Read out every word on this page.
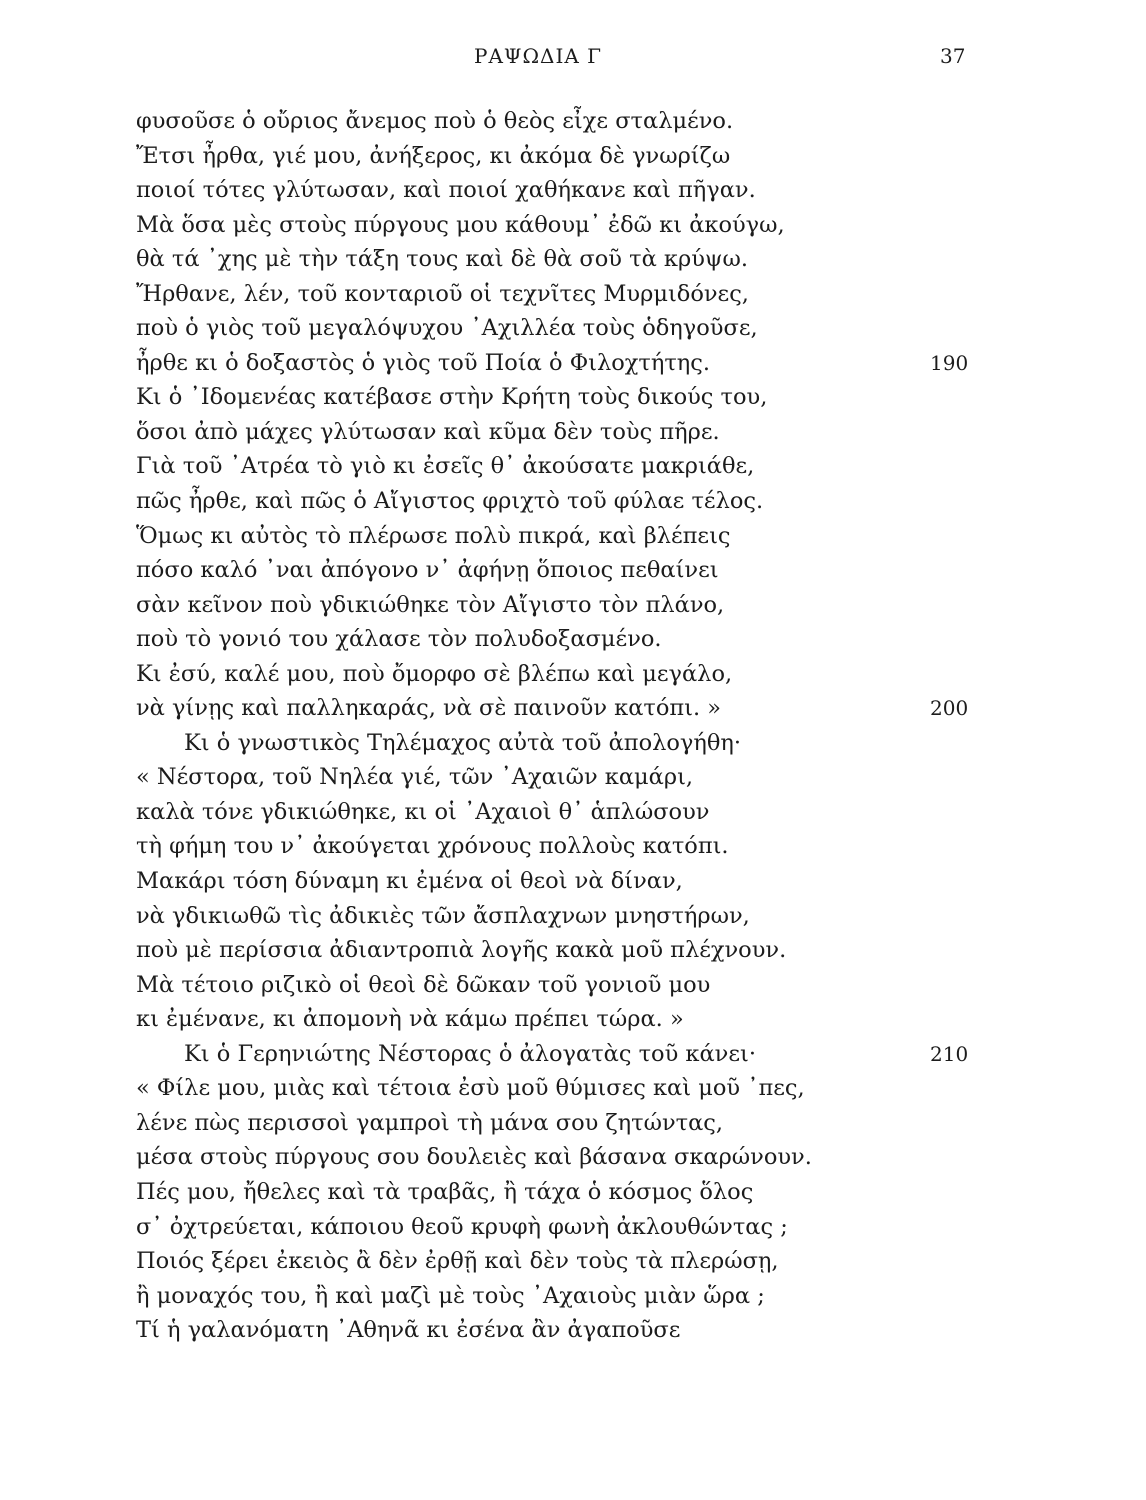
ΡΑΨΩΔΙΑ Γ	37
φυσοῦσε ὁ οὔριος ἄνεμος ποὺ ὁ θεὸς εἶχε σταλμένο.
Ἔτσι ἦρθα, γιέ μου, ἀνήξερος, κι ἀκόμα δὲ γνωρίζω
ποιοί τότες γλύτωσαν, καὶ ποιοί χαθήκανε καὶ πῆγαν.
Μὰ ὅσα μὲς στοὺς πύργους μου κάθουμ᾽ ἐδῶ κι ἀκούγω,
θὰ τά ᾽χης μὲ τὴν τάξη τους καὶ δὲ θὰ σοῦ τὰ κρύψω.
Ἤρθανε, λέν, τοῦ κονταριοῦ οἱ τεχνῖτες Μυρμιδόνες,
ποὺ ὁ γιὸς τοῦ μεγαλόψυχου ᾽Αχιλλέα τοὺς ὁδηγοῦσε,
ἦρθε κι ὁ δοξαστὸς ὁ γιὸς τοῦ Ποία ὁ Φιλοχτήτης.	190
Κι ὁ ᾽Ιδομενέας κατέβασε στὴν Κρήτη τοὺς δικούς του,
ὅσοι ἀπὸ μάχες γλύτωσαν καὶ κῦμα δὲν τοὺς πῆρε.
Γιὰ τοῦ ᾽Ατρέα τὸ γιὸ κι ἐσεῖς θ᾽ ἀκούσατε μακριάθε,
πῶς ἦρθε, καὶ πῶς ὁ Αἴγιστος φριχτὸ τοῦ φύλαε τέλος.
Ὅμως κι αὐτὸς τὸ πλέρωσε πολὺ πικρά, καὶ βλέπεις
πόσο καλό ᾽ναι ἀπόγονο ν᾽ ἀφήνῃ ὅποιος πεθαίνει
σὰν κεῖνον ποὺ γδικιώθηκε τὸν Αἴγιστο τὸν πλάνο,
ποὺ τὸ γονιό του χάλασε τὸν πολυδοξασμένο.
Κι ἐσύ, καλέ μου, ποὺ ὄμορφο σὲ βλέπω καὶ μεγάλο,
νὰ γίνῃς καὶ παλληκαράς, νὰ σὲ παινοῦν κατόπι. »	200
Κι ὁ γνωστικὸς Τηλέμαχος αὐτὰ τοῦ ἀπολογήθη·
« Νέστορα, τοῦ Νηλέα γιέ, τῶν ᾽Αχαιῶν καμάρι,
καλὰ τόνε γδικιώθηκε, κι οἱ ᾽Αχαιοὶ θ᾽ ἁπλώσουν
τὴ φήμη του ν᾽ ἀκούγεται χρόνους πολλοὺς κατόπι.
Μακάρι τόση δύναμη κι ἐμένα οἱ θεοὶ νὰ δίναν,
νὰ γδικιωθῶ τὶς ἀδικιὲς τῶν ἄσπλαχνων μνηστήρων,
ποὺ μὲ περίσσια ἀδιαντροπιὰ λογῆς κακὰ μοῦ πλέχνουν.
Μὰ τέτοιο ριζικὸ οἱ θεοὶ δὲ δῶκαν τοῦ γονιοῦ μου
κι ἐμένανε, κι ἀπομονὴ νὰ κάμω πρέπει τώρα. »
Κι ὁ Γερηνιώτης Νέστορας ὁ ἀλογατὰς τοῦ κάνει·	210
« Φίλε μου, μιὰς καὶ τέτοια ἐσὺ μοῦ θύμισες καὶ μοῦ ᾽πες,
λένε πὼς περισσοὶ γαμπροὶ τὴ μάνα σου ζητώντας,
μέσα στοὺς πύργους σου δουλειὲς καὶ βάσανα σκαρώνουν.
Πές μου, ἤθελες καὶ τὰ τραβᾶς, ἢ τάχα ὁ κόσμος ὅλος
σ᾽ ὀχτρεύεται, κάποιου θεοῦ κρυφὴ φωνὴ ἀκλουθώντας ;
Ποιός ξέρει ἐκειὸς ἂ δὲν ἐρθῇ καὶ δὲν τοὺς τὰ πλερώσῃ,
ἢ μοναχός του, ἢ καὶ μαζὶ μὲ τοὺς ᾽Αχαιοὺς μιὰν ὥρα ;
Τί ἡ γαλανόματη ᾽Αθηνᾶ κι ἐσένα ἂν ἀγαποῦσε
